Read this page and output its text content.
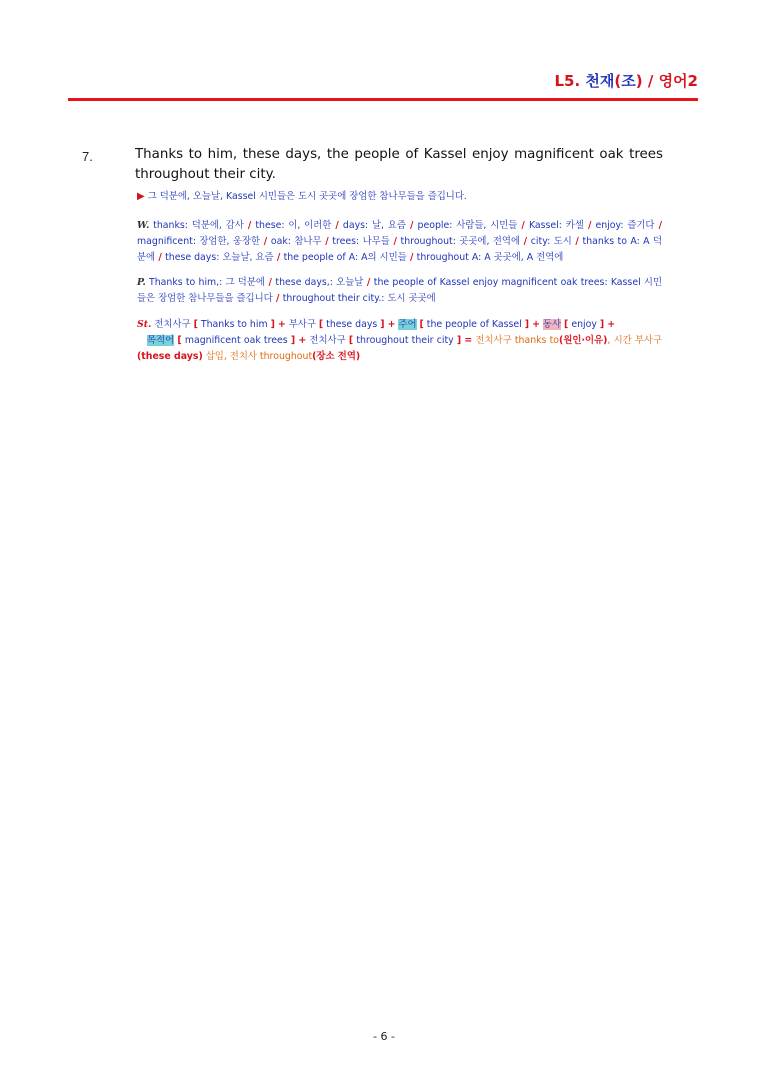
L5. 천재(조) / 영어2
7.	Thanks to him, these days, the people of Kassel enjoy magnificent oak trees throughout their city.
▶ 그 덕분에, 오늘날, Kassel 시민들은 도시 곳곳에 장엄한 참나무들을 즐깁니다.
W. thanks: 덕분에, 감사 / these: 이, 이러한 / days: 날, 요즘 / people: 사람들, 시민들 / Kassel: 카셀 / enjoy: 즐기다 / magnificent: 장엄한, 웅장한 / oak: 참나무 / trees: 나무들 / throughout: 곳곳에, 전역에 / city: 도시 / thanks to A: A 덕분에 / these days: 오늘날, 요즘 / the people of A: A의 시민들 / throughout A: A 곳곳에, A 전역에
P. Thanks to him,: 그 덕분에 / these days,: 오늘날 / the people of Kassel enjoy magnificent oak trees: Kassel 시민들은 장엄한 참나무들을 즐깁니다 / throughout their city.: 도시 곳곳에
St. 전치사구 [ Thanks to him ] + 부사구 [ these days ] + 주어 [ the people of Kassel ] + 동사 [ enjoy ] +
목적어 [ magnificent oak trees ] + 전치사구 [ throughout their city ] = 전치사구 thanks to(원인·이유), 시간 부사구(these days) 삽입, 전치사 throughout(장소 전역)
- 6 -
